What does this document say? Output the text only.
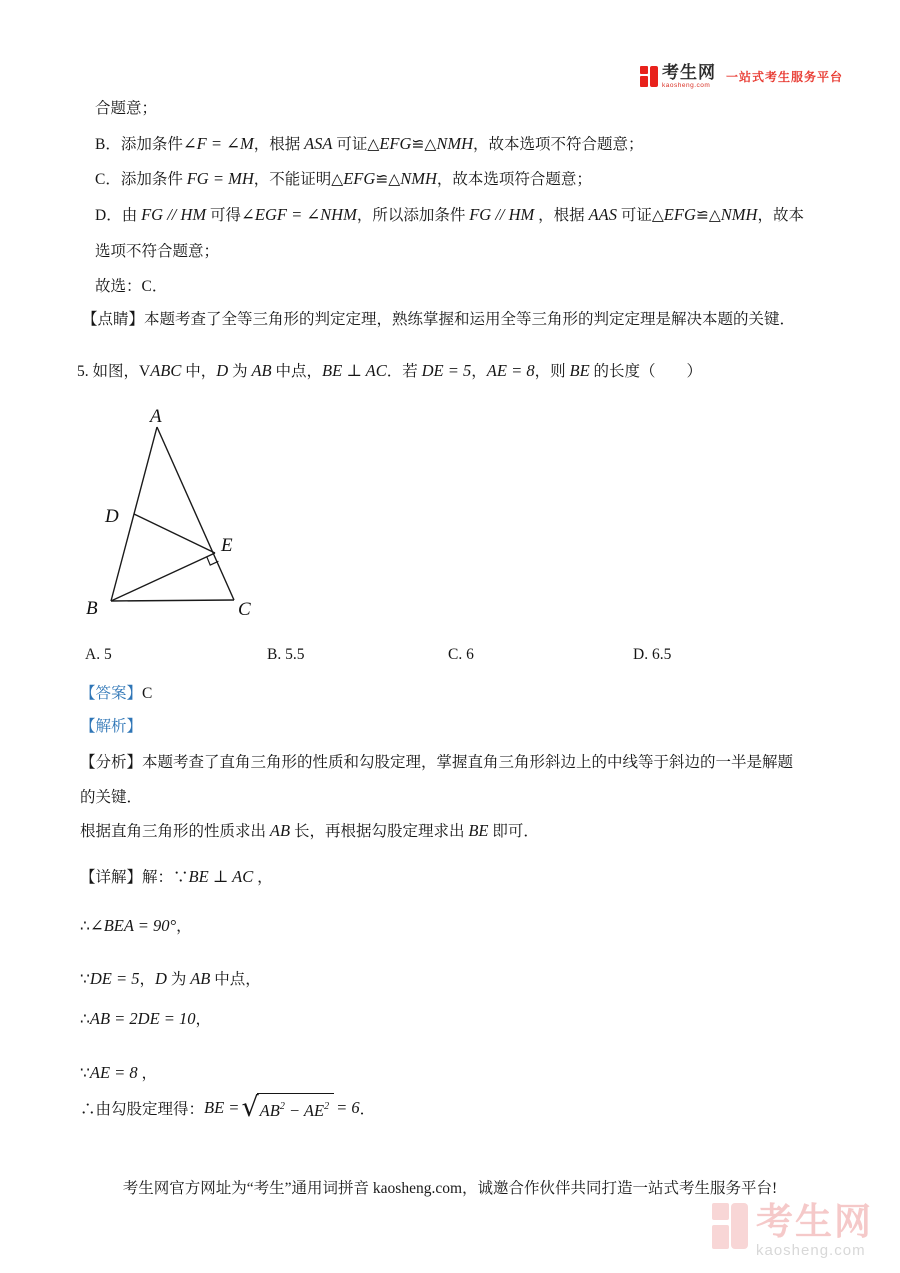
考生网
kaosheng.com
一站式考生服务平台
合题意；
B．添加条件∠F = ∠M，根据 ASA 可证△EFG≌△NMH，故本选项不符合题意；
C．添加条件 FG = MH，不能证明△EFG≌△NMH，故本选项符合题意；
D．由 FG // HM 可得∠EGF = ∠NHM，所以添加条件 FG // HM ，根据 AAS 可证△EFG≌△NMH，故本
选项不符合题意；
故选：C．
【点睛】本题考查了全等三角形的判定定理，熟练掌握和运用全等三角形的判定定理是解决本题的关键．
5. 如图，VABC 中，D 为 AB 中点，BE ⊥ AC．若 DE = 5，AE = 8，则 BE 的长度（　　）
A
B	C
D
E
A. 5	B. 5.5	C. 6	D. 6.5
【答案】C
【解析】
【分析】本题考查了直角三角形的性质和勾股定理，掌握直角三角形斜边上的中线等于斜边的一半是解题
的关键．
根据直角三角形的性质求出 AB 长，再根据勾股定理求出 BE 即可．
【详解】解：∵BE ⊥ AC ，
∴∠BEA = 90°，
∵DE = 5，D 为 AB 中点，
∴AB = 2DE = 10，
∵AE = 8 ，
∴由勾股定理得： BE = √ $AB^2 - AE^2 = 6$ ．
考生网官方网址为“考生”通用词拼音 kaosheng.com，诚邀合作伙伴共同打造一站式考生服务平台!
考生网
kaosheng.com
